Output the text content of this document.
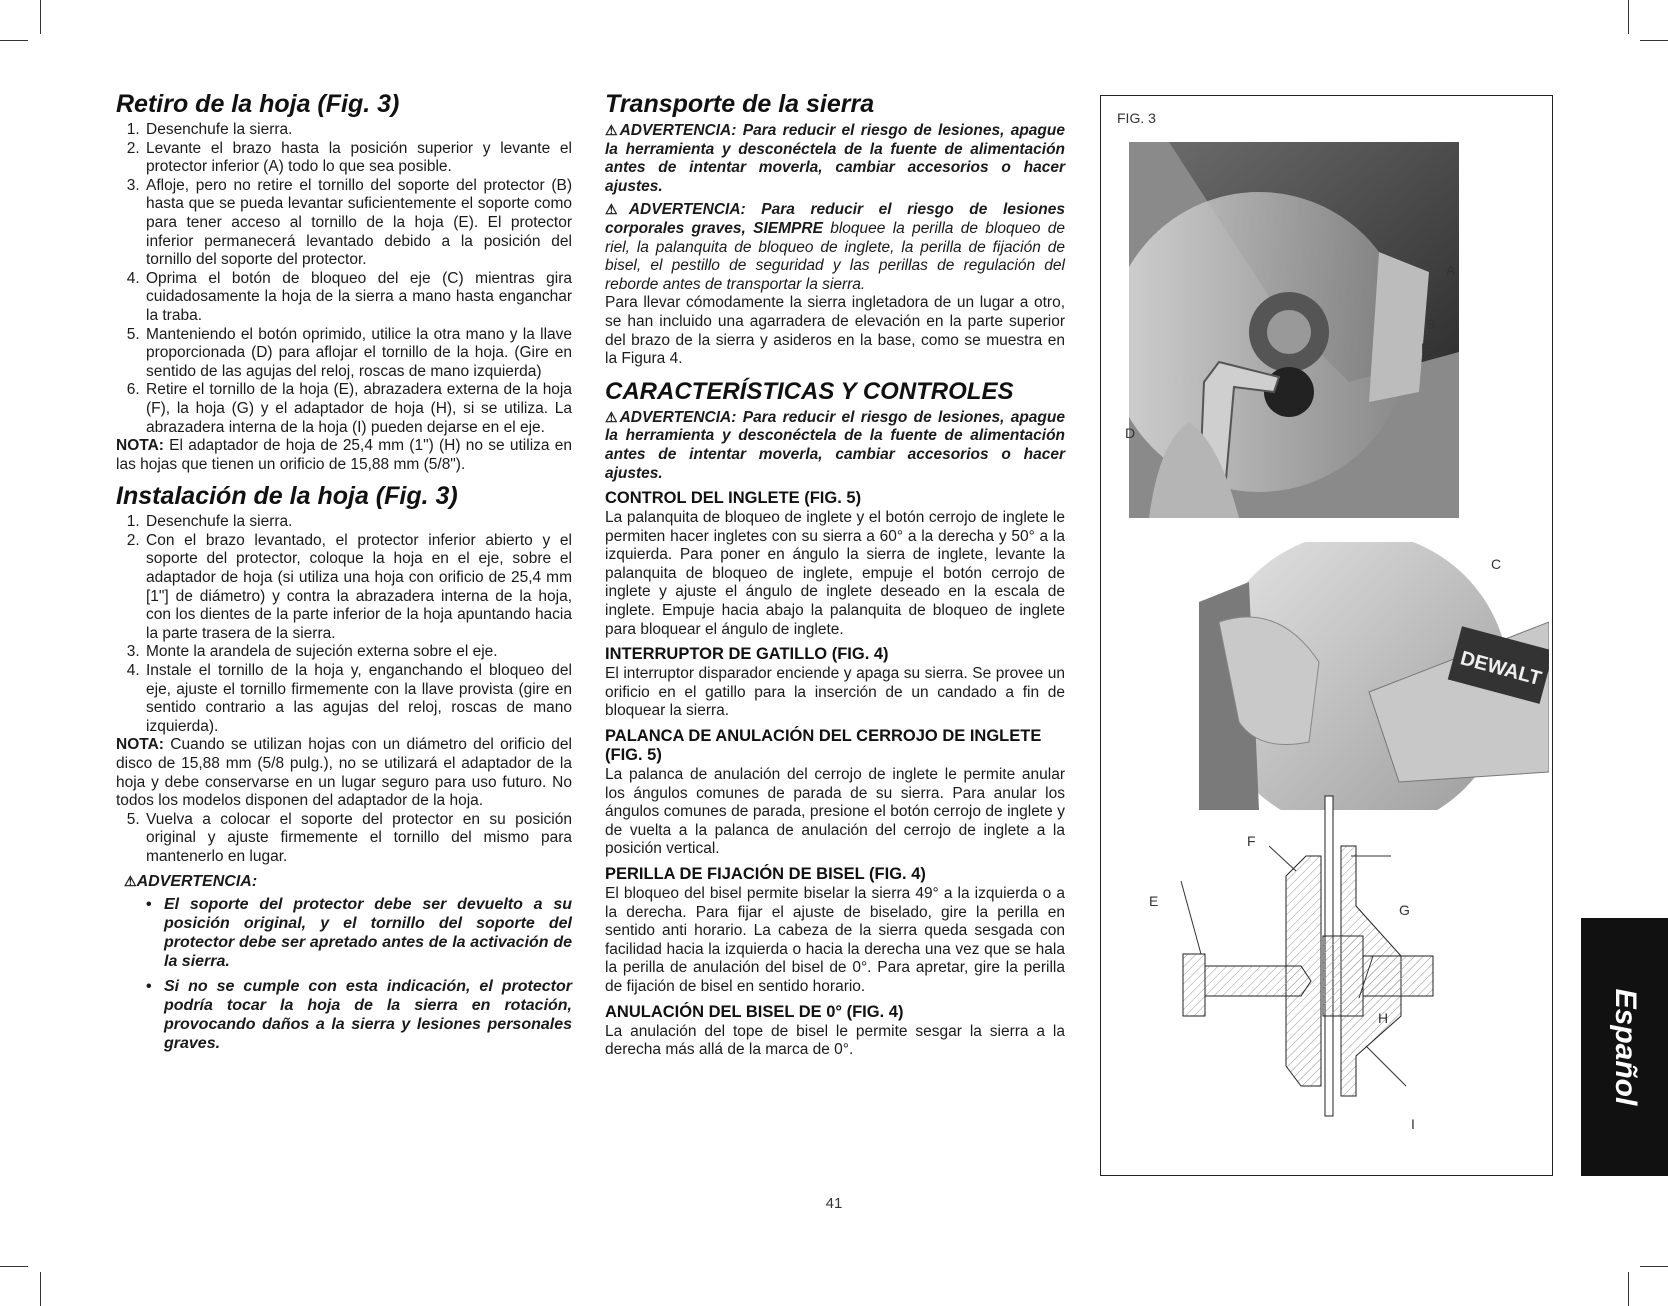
Retiro de la hoja (Fig. 3)
1. Desenchufe la sierra.
2. Levante el brazo hasta la posición superior y levante el protector inferior (A) todo lo que sea posible.
3. Afloje, pero no retire el tornillo del soporte del protector (B) hasta que se pueda levantar suficientemente el soporte como para tener acceso al tornillo de la hoja (E). El protector inferior permanecerá levantado debido a la posición del tornillo del soporte del protector.
4. Oprima el botón de bloqueo del eje (C) mientras gira cuidadosamente la hoja de la sierra a mano hasta enganchar la traba.
5. Manteniendo el botón oprimido, utilice la otra mano y la llave proporcionada (D) para aflojar el tornillo de la hoja. (Gire en sentido de las agujas del reloj, roscas de mano izquierda)
6. Retire el tornillo de la hoja (E), abrazadera externa de la hoja (F), la hoja (G) y el adaptador de hoja (H), si se utiliza. La abrazadera interna de la hoja (I) pueden dejarse en el eje.

NOTA: El adaptador de hoja de 25,4 mm (1") (H) no se utiliza en las hojas que tienen un orificio de 15,88 mm (5/8").

Instalación de la hoja (Fig. 3)
1. Desenchufe la sierra.
2. Con el brazo levantado, el protector inferior abierto y el soporte del protector, coloque la hoja en el eje, sobre el adaptador de hoja (si utiliza una hoja con orificio de 25,4 mm [1"] de diámetro) y contra la abrazadera interna de la hoja, con los dientes de la parte inferior de la hoja apuntando hacia la parte trasera de la sierra.
3. Monte la arandela de sujeción externa sobre el eje.
4. Instale el tornillo de la hoja y, enganchando el bloqueo del eje, ajuste el tornillo firmemente con la llave provista (gire en sentido contrario a las agujas del reloj, roscas de mano izquierda).

NOTA: Cuando se utilizan hojas con un diámetro del orificio del disco de 15,88 mm (5/8 pulg.), no se utilizará el adaptador de la hoja y debe conservarse en un lugar seguro para uso futuro. No todos los modelos disponen del adaptador de la hoja.

5. Vuelva a colocar el soporte del protector en su posición original y ajuste firmemente el tornillo del mismo para mantenerlo en lugar.
⚠ADVERTENCIA:
• El soporte del protector debe ser devuelto a su posición original, y el tornillo del soporte del protector debe ser apretado antes de la activación de la sierra.
• Si no se cumple con esta indicación, el protector podría tocar la hoja de la sierra en rotación, provocando daños a la sierra y lesiones personales graves.
Transporte de la sierra

⚠ADVERTENCIA: Para reducir el riesgo de lesiones, apague la herramienta y desconéctela de la fuente de alimentación antes de intentar moverla, cambiar accesorios o hacer ajustes.

⚠ADVERTENCIA: Para reducir el riesgo de lesiones corporales graves, SIEMPRE bloquee la perilla de bloqueo de riel, la palanquita de bloqueo de inglete, la perilla de fijación de bisel, el pestillo de seguridad y las perillas de regulación del reborde antes de transportar la sierra.

Para llevar cómodamente la sierra ingletadora de un lugar a otro, se han incluido una agarradera de elevación en la parte superior del brazo de la sierra y asideros en la base, como se muestra en la Figura 4.

CARACTERÍSTICAS Y CONTROLES

⚠ADVERTENCIA: Para reducir el riesgo de lesiones, apague la herramienta y desconéctela de la fuente de alimentación antes de intentar moverla, cambiar accesorios o hacer ajustes.

CONTROL DEL INGLETE (FIG. 5)

La palanquita de bloqueo de inglete y el botón cerrojo de inglete le permiten hacer ingletes con su sierra a 60° a la derecha y 50° a la izquierda. Para poner en ángulo la sierra de inglete, levante la palanquita de bloqueo de inglete, empuje el botón cerrojo de inglete y ajuste el ángulo de inglete deseado en la escala de inglete. Empuje hacia abajo la palanquita de bloqueo de inglete para bloquear el ángulo de inglete.

INTERRUPTOR DE GATILLO (FIG. 4)

El interruptor disparador enciende y apaga su sierra. Se provee un orificio en el gatillo para la inserción de un candado a fin de bloquear la sierra.

PALANCA DE ANULACIÓN DEL CERROJO DE INGLETE (FIG. 5)

La palanca de anulación del cerrojo de inglete le permite anular los ángulos comunes de parada de su sierra. Para anular los ángulos comunes de parada, presione el botón cerrojo de inglete y de vuelta a la palanca de anulación del cerrojo de inglete a la posición vertical.

PERILLA DE FIJACIÓN DE BISEL (FIG. 4)

El bloqueo del bisel permite biselar la sierra 49° a la izquierda o a la derecha. Para fijar el ajuste de biselado, gire la perilla en sentido anti horario. La cabeza de la sierra queda sesgada con facilidad hacia la izquierda o hacia la derecha una vez que se hala la perilla de anulación del bisel de 0°. Para apretar, gire la perilla de fijación de bisel en sentido horario.

ANULACIÓN DEL BISEL DE 0° (FIG. 4)

La anulación del tope de bisel le permite sesgar la sierra a la derecha más allá de la marca de 0°.

FIG. 3
DEWALT
A
B
E
D
C
F
E
G
H
I
Español
41
